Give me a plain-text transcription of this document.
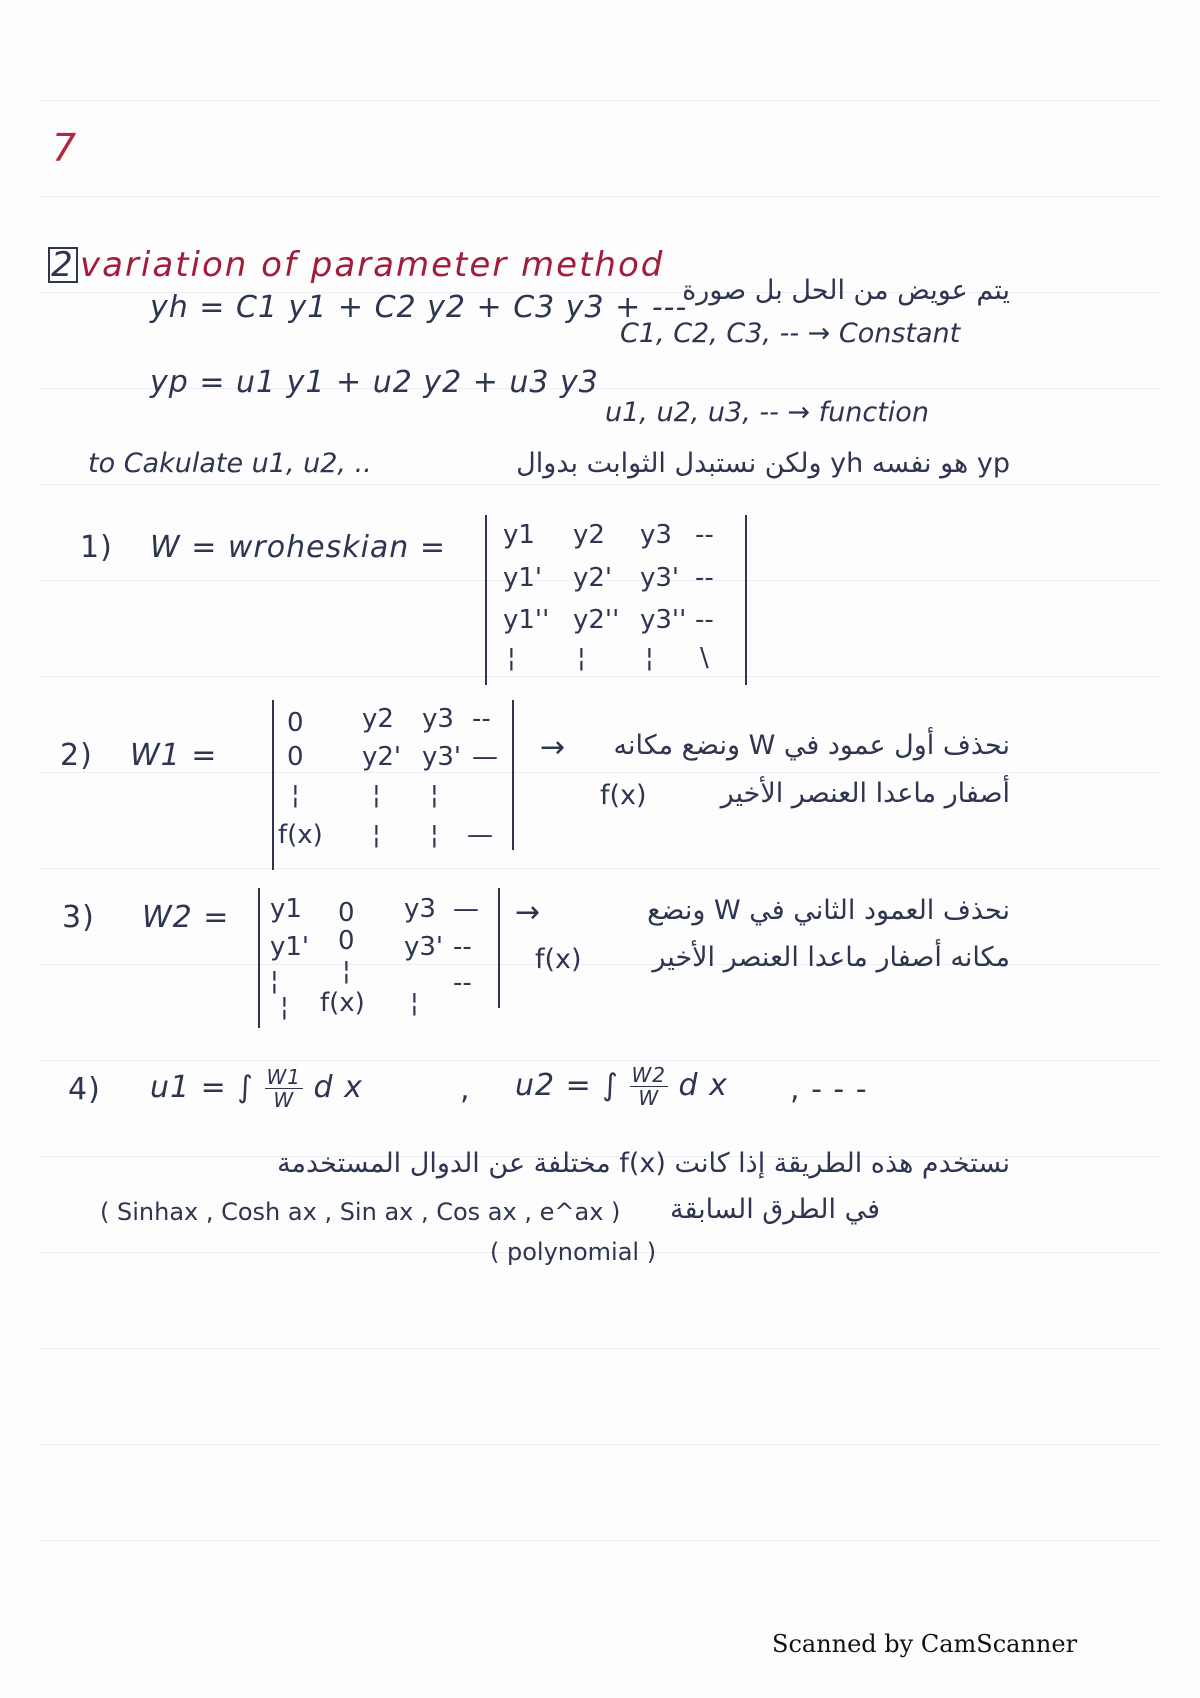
7
2 variation of parameter method
yh = C1 y1 + C2 y2 + C3 y3 + ---
يتم عويض من الحل بل صورة
C1, C2, C3, -- → Constant
yp = u1 y1 + u2 y2 + u3 y3
u1, u2, u3, -- → function
to Cakulate u1, u2, ..	yp هو نفسه yh ولكن نستبدل الثوابت بدوال
1) W = wroheskian = y1 y2 y3 --
y1' y2' y3' --
y1'' y2'' y3'' --
¦ ¦ ¦ \
2) W1 =
0 y2 y3 --
0 y2' y3' —
¦	¦ ¦
f(x) ¦ ¦ —
→ نحذف أول عمود في W ونضع مكانه
أصفار ماعدا العنصر الأخير
f(x)
3) W2 = y1 0 y3 —
y1' 0 y3' --
¦ ¦	--
¦ f(x) ¦
→	نحذف العمود الثاني في W ونضع
مكانه أصفار ماعدا العنصر الأخير
f(x)
4) u1 = ∫ $\frac{W1}{W}$ d x	, u2 = ∫ $\frac{W2}{W}$ d x , - - -
نستخدم هذه الطريقة إذا كانت f(x) مختلفة عن الدوال المستخدمة
( Sinhax , Cosh ax , Sin ax , Cos ax , e^ax )	في الطرق السابقة
( polynomial )
Scanned by CamScanner
